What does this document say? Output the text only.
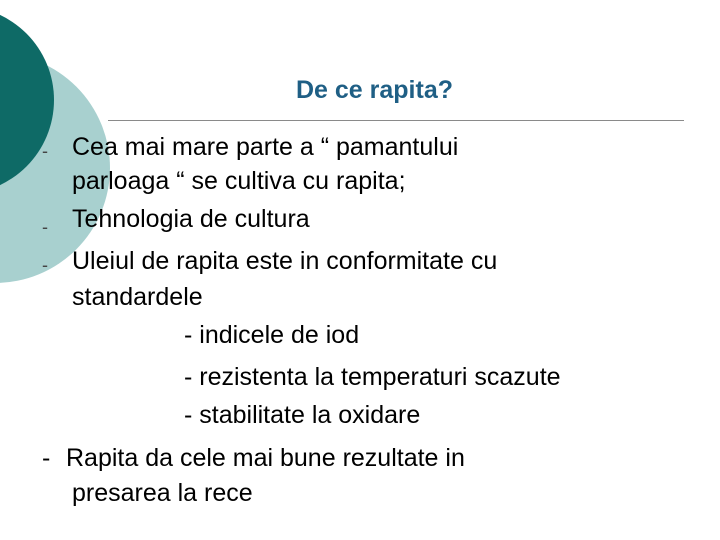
De ce rapita?
- Cea mai mare parte a “ pamantului
parloaga “ se cultiva cu rapita;
- Tehnologia de cultura
- Uleiul de rapita este in conformitate cu
standardele
- indicele de iod
- rezistenta la temperaturi scazute
- stabilitate la oxidare
- Rapita da cele mai bune rezultate in
presarea la rece
